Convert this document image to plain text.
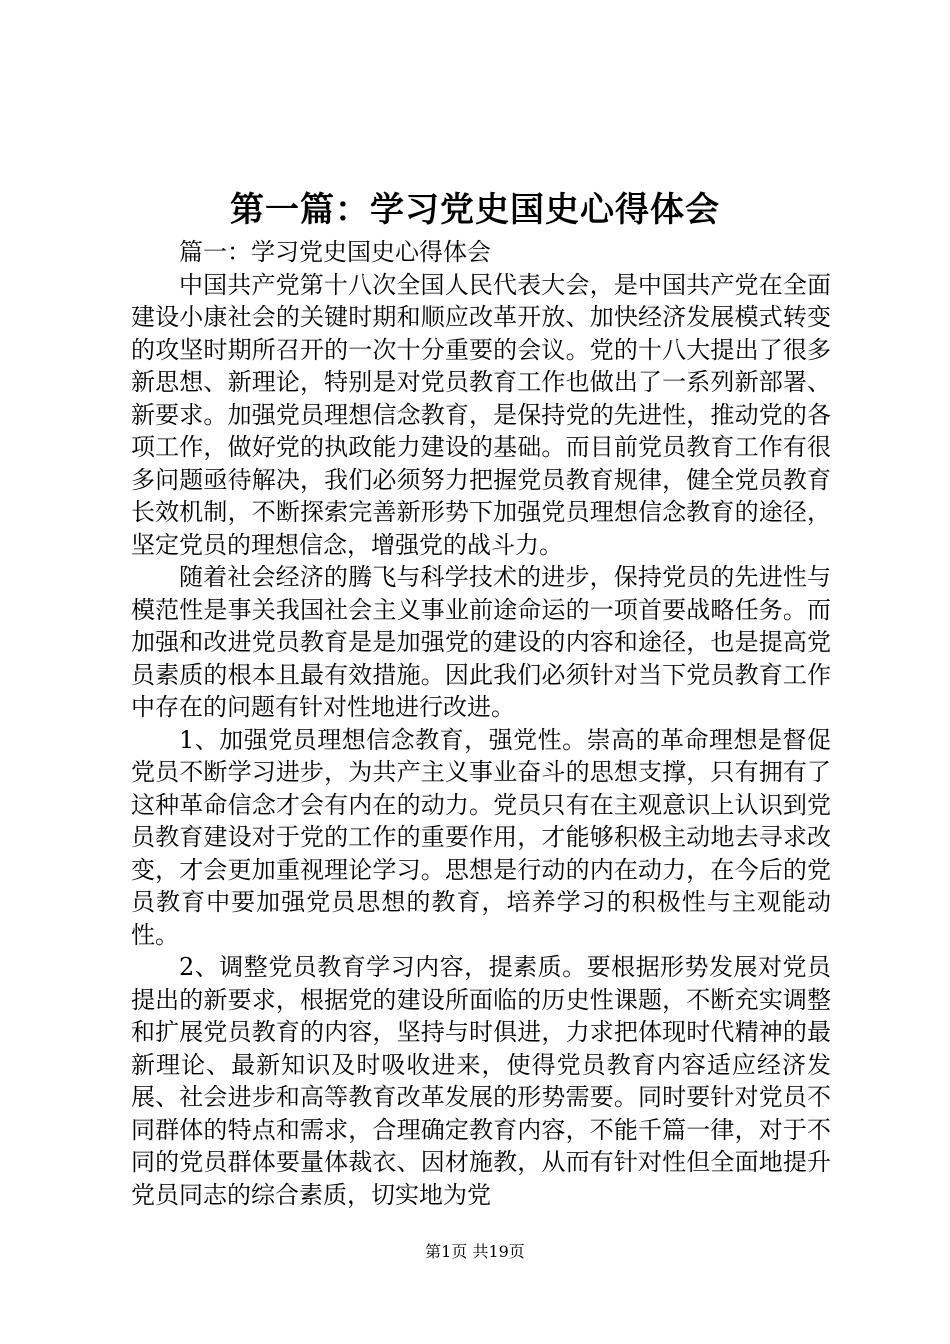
第一篇：学习党史国史心得体会

篇一：学习党史国史心得体会

中国共产党第十八次全国人民代表大会，是中国共产党在全面建设小康社会的关键时期和顺应改革开放、加快经济发展模式转变的攻坚时期所召开的一次十分重要的会议。党的十八大提出了很多新思想、新理论，特别是对党员教育工作也做出了一系列新部署、新要求。加强党员理想信念教育，是保持党的先进性，推动党的各项工作，做好党的执政能力建设的基础。而目前党员教育工作有很多问题亟待解决，我们必须努力把握党员教育规律，健全党员教育长效机制，不断探索完善新形势下加强党员理想信念教育的途径，坚定党员的理想信念，增强党的战斗力。

随着社会经济的腾飞与科学技术的进步，保持党员的先进性与模范性是事关我国社会主义事业前途命运的一项首要战略任务。而加强和改进党员教育是是加强党的建设的内容和途径，也是提高党员素质的根本且最有效措施。因此我们必须针对当下党员教育工作中存在的问题有针对性地进行改进。

1、加强党员理想信念教育，强党性。崇高的革命理想是督促党员不断学习进步，为共产主义事业奋斗的思想支撑，只有拥有了这种革命信念才会有内在的动力。党员只有在主观意识上认识到党员教育建设对于党的工作的重要作用，才能够积极主动地去寻求改变，才会更加重视理论学习。思想是行动的内在动力，在今后的党员教育中要加强党员思想的教育，培养学习的积极性与主观能动性。

2、调整党员教育学习内容，提素质。要根据形势发展对党员提出的新要求，根据党的建设所面临的历史性课题，不断充实调整和扩展党员教育的内容，坚持与时俱进，力求把体现时代精神的最新理论、最新知识及时吸收进来，使得党员教育内容适应经济发展、社会进步和高等教育改革发展的形势需要。同时要针对党员不同群体的特点和需求，合理确定教育内容，不能千篇一律，对于不同的党员群体要量体裁衣、因材施教，从而有针对性但全面地提升党员同志的综合素质，切实地为党

第1页 共19页
